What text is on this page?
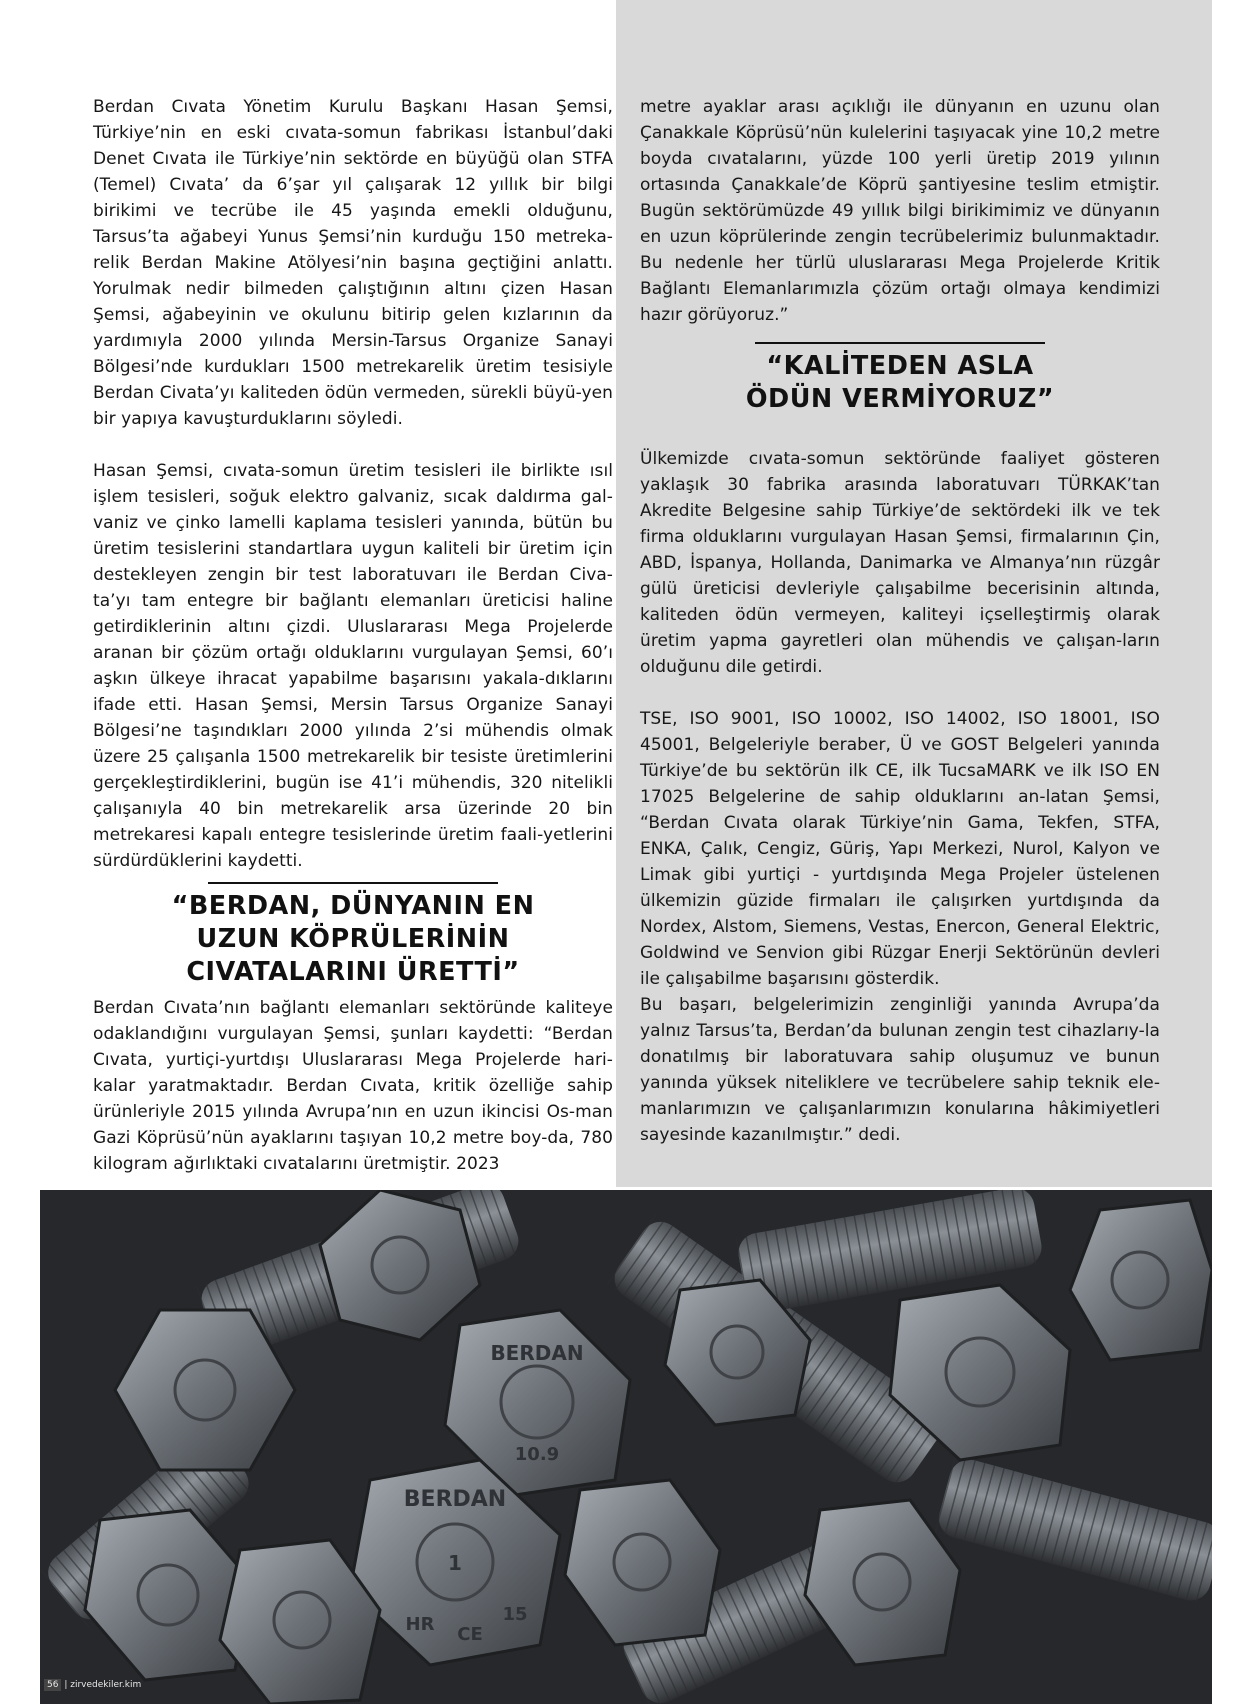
Berdan Cıvata Yönetim Kurulu Başkanı Hasan Şemsi, Türkiye’nin en eski cıvata-somun fabrikası İstanbul’daki Denet Cıvata ile Türkiye’nin sektörde en büyüğü olan STFA (Temel) Cıvata’ da 6’şar yıl çalışarak 12 yıllık bir bilgi birikimi ve tecrübe ile 45 yaşında emekli olduğunu, Tarsus’ta ağabeyi Yunus Şemsi’nin kurduğu 150 metreka-relik Berdan Makine Atölyesi’nin başına geçtiğini anlattı. Yorulmak nedir bilmeden çalıştığının altını çizen Hasan Şemsi, ağabeyinin ve okulunu bitirip gelen kızlarının da yardımıyla 2000 yılında Mersin-Tarsus Organize Sanayi Bölgesi’nde kurdukları 1500 metrekarelik üretim tesisiyle Berdan Civata’yı kaliteden ödün vermeden, sürekli büyü-yen bir yapıya kavuşturduklarını söyledi.

Hasan Şemsi, cıvata-somun üretim tesisleri ile birlikte ısıl işlem tesisleri, soğuk elektro galvaniz, sıcak daldırma gal-vaniz ve çinko lamelli kaplama tesisleri yanında, bütün bu üretim tesislerini standartlara uygun kaliteli bir üretim için destekleyen zengin bir test laboratuvarı ile Berdan Civa-ta’yı tam entegre bir bağlantı elemanları üreticisi haline getirdiklerinin altını çizdi. Uluslararası Mega Projelerde aranan bir çözüm ortağı olduklarını vurgulayan Şemsi, 60’ı aşkın ülkeye ihracat yapabilme başarısını yakala-dıklarını ifade etti. Hasan Şemsi, Mersin Tarsus Organize Sanayi Bölgesi’ne taşındıkları 2000 yılında 2’si mühendis olmak üzere 25 çalışanla 1500 metrekarelik bir tesiste üretimlerini gerçekleştirdiklerini, bugün ise 41’i mühendis, 320 nitelikli çalışanıyla 40 bin metrekarelik arsa üzerinde 20 bin metrekaresi kapalı entegre tesislerinde üretim faali-yetlerini sürdürdüklerini kaydetti.

“BERDAN, DÜNYANIN EN

UZUN KÖPRÜLERİNİN

CIVATALARINI ÜRETTİ”

Berdan Cıvata’nın bağlantı elemanları sektöründe kaliteye odaklandığını vurgulayan Şemsi, şunları kaydetti: “Berdan Cıvata, yurtiçi-yurtdışı Uluslararası Mega Projelerde hari-kalar yaratmaktadır. Berdan Cıvata, kritik özelliğe sahip ürünleriyle 2015 yılında Avrupa’nın en uzun ikincisi Os-man Gazi Köprüsü’nün ayaklarını taşıyan 10,2 metre boy-da, 780 kilogram ağırlıktaki cıvatalarını üretmiştir. 2023

metre ayaklar arası açıklığı ile dünyanın en uzunu olan Çanakkale Köprüsü’nün kulelerini taşıyacak yine 10,2 metre boyda cıvatalarını, yüzde 100 yerli üretip 2019 yılının ortasında Çanakkale’de Köprü şantiyesine teslim etmiştir. Bugün sektörümüzde 49 yıllık bilgi birikimimiz ve dünyanın en uzun köprülerinde zengin tecrübelerimiz bulunmaktadır. Bu nedenle her türlü uluslararası Mega Projelerde Kritik Bağlantı Elemanlarımızla çözüm ortağı olmaya kendimizi hazır görüyoruz.”

“KALİTEDEN ASLA

ÖDÜN VERMİYORUZ”

Ülkemizde cıvata-somun sektöründe faaliyet gösteren yaklaşık 30 fabrika arasında laboratuvarı TÜRKAK’tan Akredite Belgesine sahip Türkiye’de sektördeki ilk ve tek firma olduklarını vurgulayan Hasan Şemsi, firmalarının Çin, ABD, İspanya, Hollanda, Danimarka ve Almanya’nın rüzgâr gülü üreticisi devleriyle çalışabilme becerisinin altında, kaliteden ödün vermeyen, kaliteyi içselleştirmiş olarak üretim yapma gayretleri olan mühendis ve çalışan-ların olduğunu dile getirdi.

TSE, ISO 9001, ISO 10002, ISO 14002, ISO 18001, ISO 45001, Belgeleriyle beraber, Ü ve GOST Belgeleri yanında Türkiye’de bu sektörün ilk CE, ilk TucsaMARK ve ilk ISO EN 17025 Belgelerine de sahip olduklarını an-latan Şemsi, “Berdan Cıvata olarak Türkiye’nin Gama, Tekfen, STFA, ENKA, Çalık, Cengiz, Güriş, Yapı Merkezi, Nurol, Kalyon ve Limak gibi yurtiçi - yurtdışında Mega Projeler üstelenen ülkemizin güzide firmaları ile çalışırken yurtdışında da Nordex, Alstom, Siemens, Vestas, Enercon, General Elektric, Goldwind ve Senvion gibi Rüzgar Enerji Sektörünün devleri ile çalışabilme başarısını gösterdik.

Bu başarı, belgelerimizin zenginliği yanında Avrupa’da yalnız Tarsus’ta, Berdan’da bulunan zengin test cihazlarıy-la donatılmış bir laboratuvara sahip oluşumuz ve bunun yanında yüksek niteliklere ve tecrübelere sahip teknik ele-manlarımızın ve çalışanlarımızın konularına hâkimiyetleri sayesinde kazanılmıştır.” dedi.

BERDAN
10.9
BERDAN
1
HR CE
15
56 | zirvedekiler.kim
